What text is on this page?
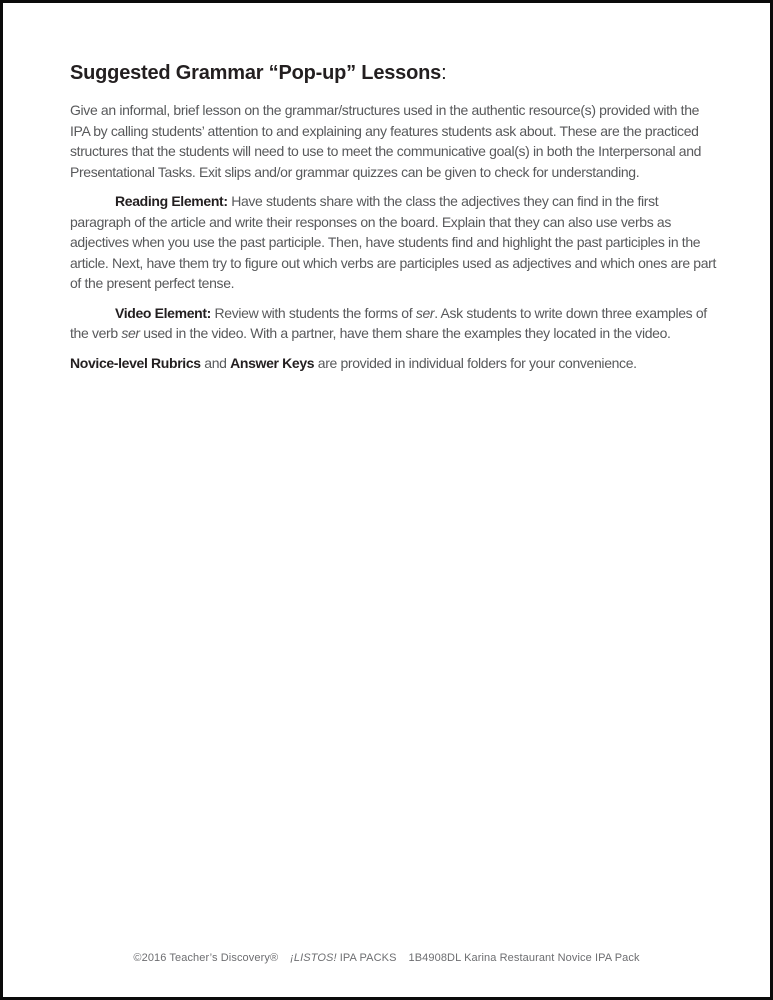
Suggested Grammar “Pop-up” Lessons:

Give an informal, brief lesson on the grammar/structures used in the authentic resource(s) provided with the IPA by calling students’ attention to and explaining any features students ask about. These are the practiced structures that the students will need to use to meet the communicative goal(s) in both the Interpersonal and Presentational Tasks. Exit slips and/or grammar quizzes can be given to check for understanding.

Reading Element: Have students share with the class the adjectives they can find in the first paragraph of the article and write their responses on the board. Explain that they can also use verbs as adjectives when you use the past participle. Then, have students find and highlight the past participles in the article. Next, have them try to figure out which verbs are participles used as adjectives and which ones are part of the present perfect tense.

Video Element: Review with students the forms of ser. Ask students to write down three examples of the verb ser used in the video. With a partner, have them share the examples they located in the video.

Novice-level Rubrics and Answer Keys are provided in individual folders for your convenience.

©2016 Teacher’s Discovery® ¡LISTOS! IPA PACKS 1B4908DL Karina Restaurant Novice IPA Pack
